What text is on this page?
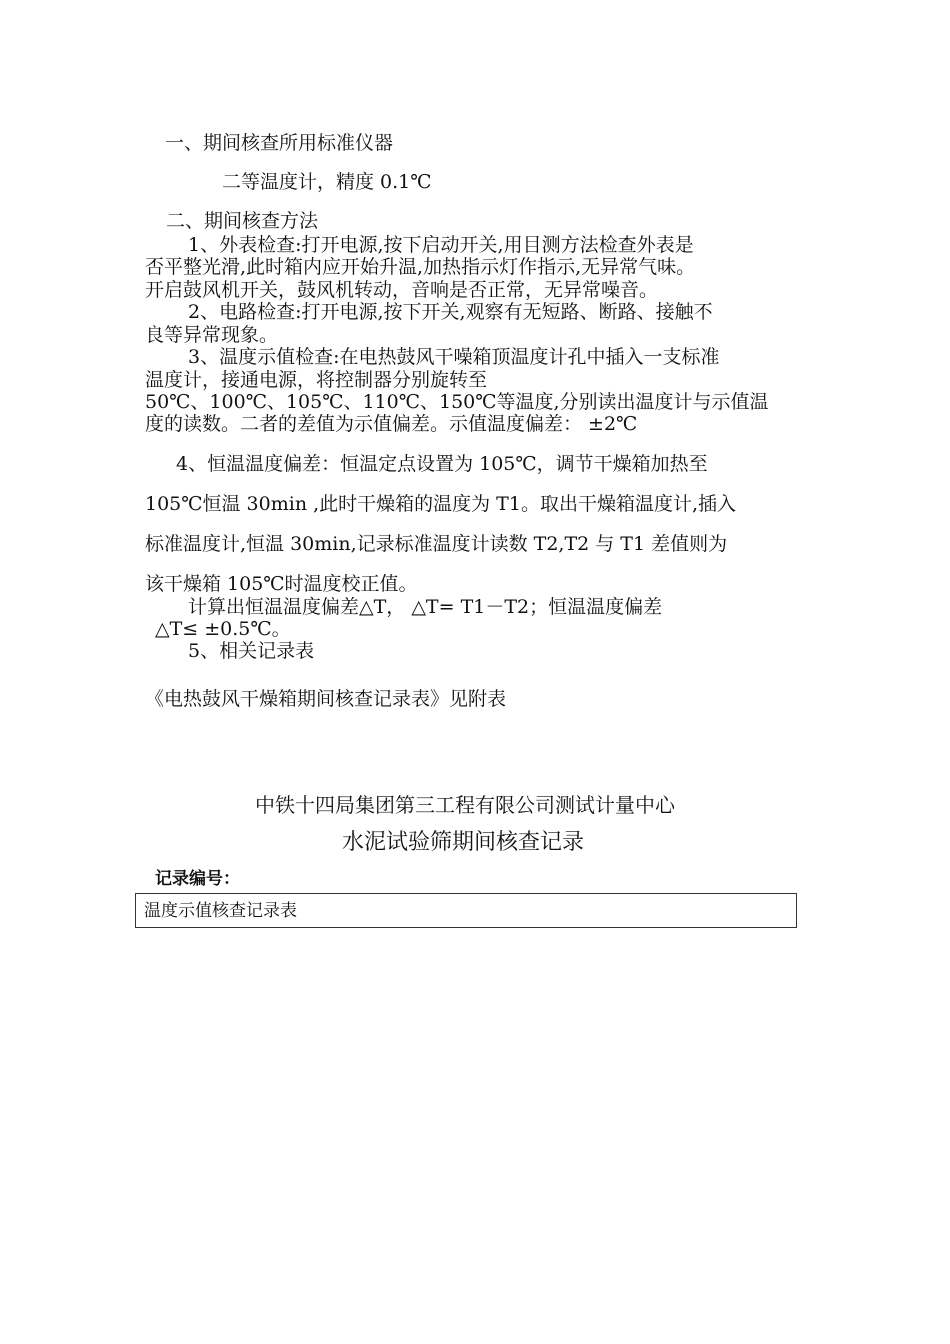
一、期间核查所用标准仪器
二等温度计，精度 0.1℃
二、期间核查方法
1、外表检查:打开电源,按下启动开关,用目测方法检查外表是
否平整光滑,此时箱内应开始升温,加热指示灯作指示,无异常气味。
开启鼓风机开关，鼓风机转动，音响是否正常，无异常噪音。
2、电路检查:打开电源,按下开关,观察有无短路、断路、接触不
良等异常现象。
3、温度示值检查:在电热鼓风干噪箱顶温度计孔中插入一支标准
温度计，接通电源，将控制器分别旋转至
50℃、100℃、105℃、110℃、150℃等温度,分别读出温度计与示值温
度的读数。二者的差值为示值偏差。示值温度偏差： ±2℃
4、恒温温度偏差：恒温定点设置为 105℃，调节干燥箱加热至
105℃恒温 30min ,此时干燥箱的温度为 T1。取出干燥箱温度计,插入
标准温度计,恒温 30min,记录标准温度计读数 T2,T2 与 T1 差值则为
该干燥箱 105℃时温度校正值。
计算出恒温温度偏差△T， △T= T1－T2；恒温温度偏差
△T≤ ±0.5℃。
5、相关记录表
《电热鼓风干燥箱期间核查记录表》见附表
中铁十四局集团第三工程有限公司测试计量中心
水泥试验筛期间核查记录
记录编号：
温度示值核查记录表
